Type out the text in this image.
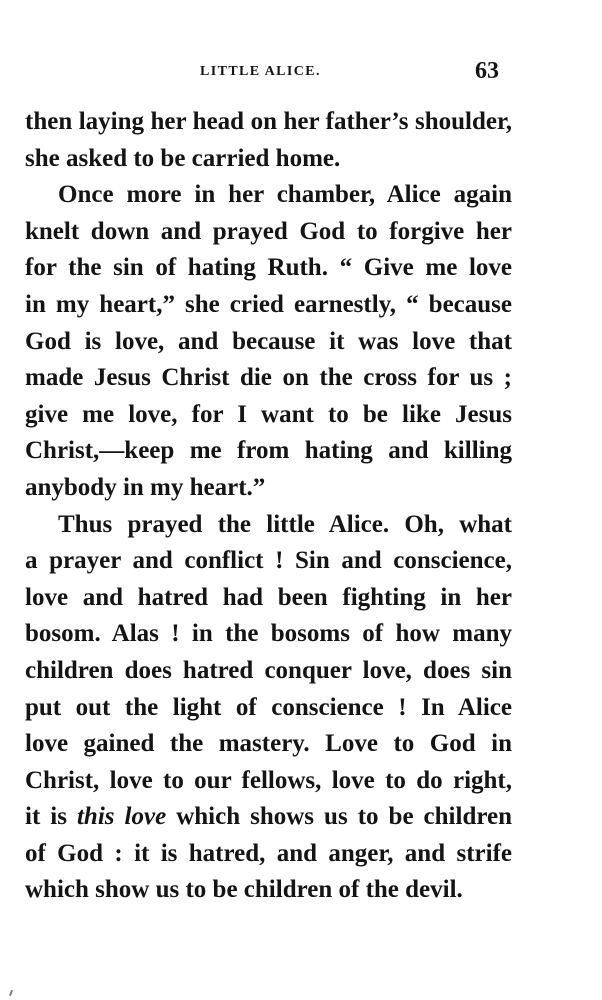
LITTLE ALICE.	63
then laying her head on her father’s shoulder,
she asked to be carried home.
Once more in her chamber, Alice again
knelt down and prayed God to forgive her
for the sin of hating Ruth. “ Give me love
in my heart,” she cried earnestly, “ because
God is love, and because it was love that
made Jesus Christ die on the cross for us ;
give me love, for I want to be like Jesus
Christ,—keep me from hating and killing
anybody in my heart.”
Thus prayed the little Alice. Oh, what
a prayer and conflict ! Sin and conscience,
love and hatred had been fighting in her
bosom. Alas ! in the bosoms of how many
children does hatred conquer love, does sin
put out the light of conscience ! In Alice
love gained the mastery. Love to God in
Christ, love to our fellows, love to do right,
it is this love which shows us to be children
of God : it is hatred, and anger, and strife
which show us to be children of the devil.
